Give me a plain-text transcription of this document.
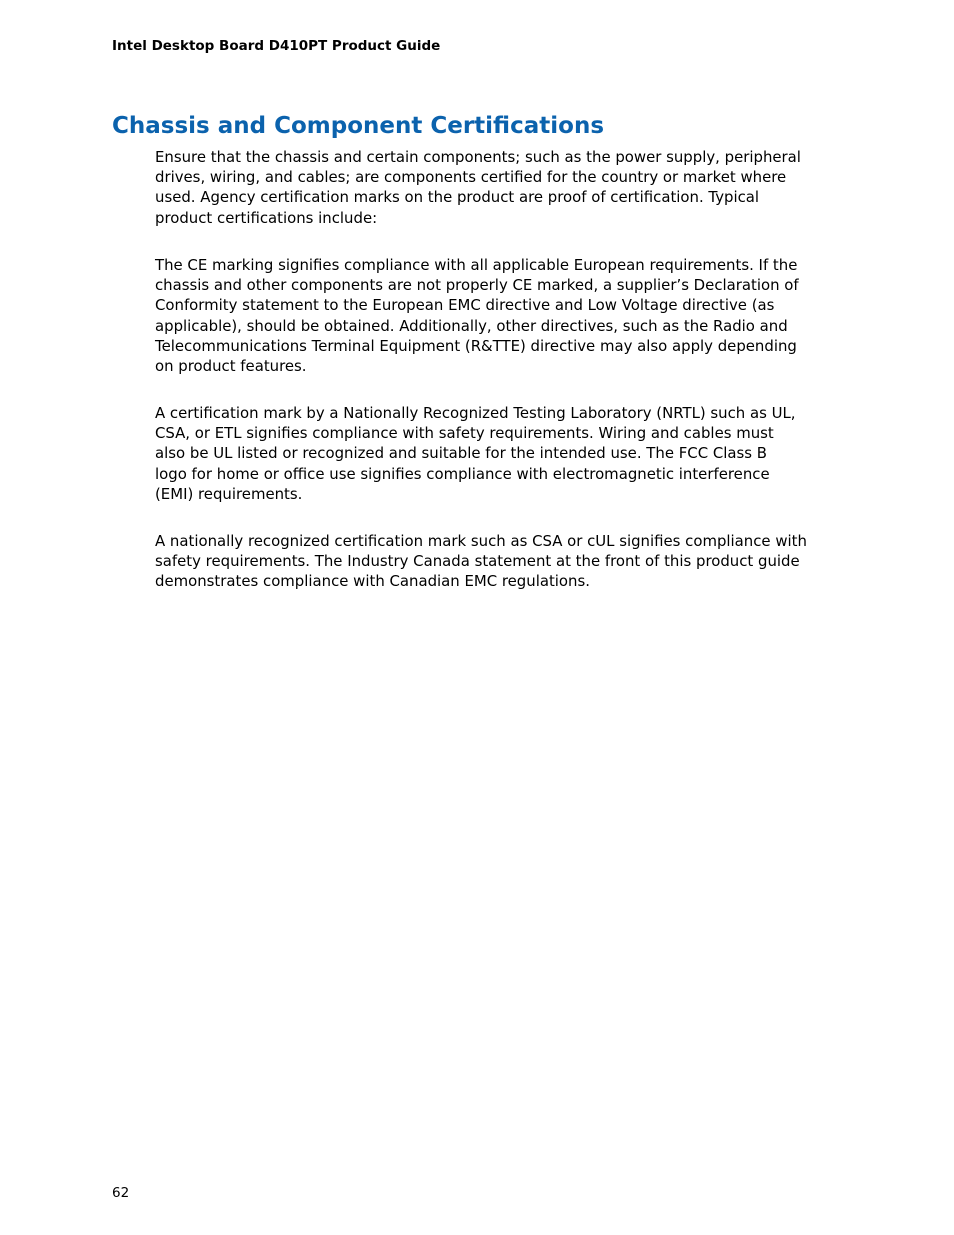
Intel Desktop Board D410PT Product Guide
Chassis and Component Certifications

Ensure that the chassis and certain components; such as the power supply, peripheral
drives, wiring, and cables; are components certified for the country or market where
used. Agency certification marks on the product are proof of certification. Typical
product certifications include:

The CE marking signifies compliance with all applicable European requirements. If the
chassis and other components are not properly CE marked, a supplier’s Declaration of
Conformity statement to the European EMC directive and Low Voltage directive (as
applicable), should be obtained. Additionally, other directives, such as the Radio and
Telecommunications Terminal Equipment (R&TTE) directive may also apply depending
on product features.

A certification mark by a Nationally Recognized Testing Laboratory (NRTL) such as UL,
CSA, or ETL signifies compliance with safety requirements. Wiring and cables must
also be UL listed or recognized and suitable for the intended use. The FCC Class B
logo for home or office use signifies compliance with electromagnetic interference
(EMI) requirements.

A nationally recognized certification mark such as CSA or cUL signifies compliance with
safety requirements. The Industry Canada statement at the front of this product guide
demonstrates compliance with Canadian EMC regulations.

62
